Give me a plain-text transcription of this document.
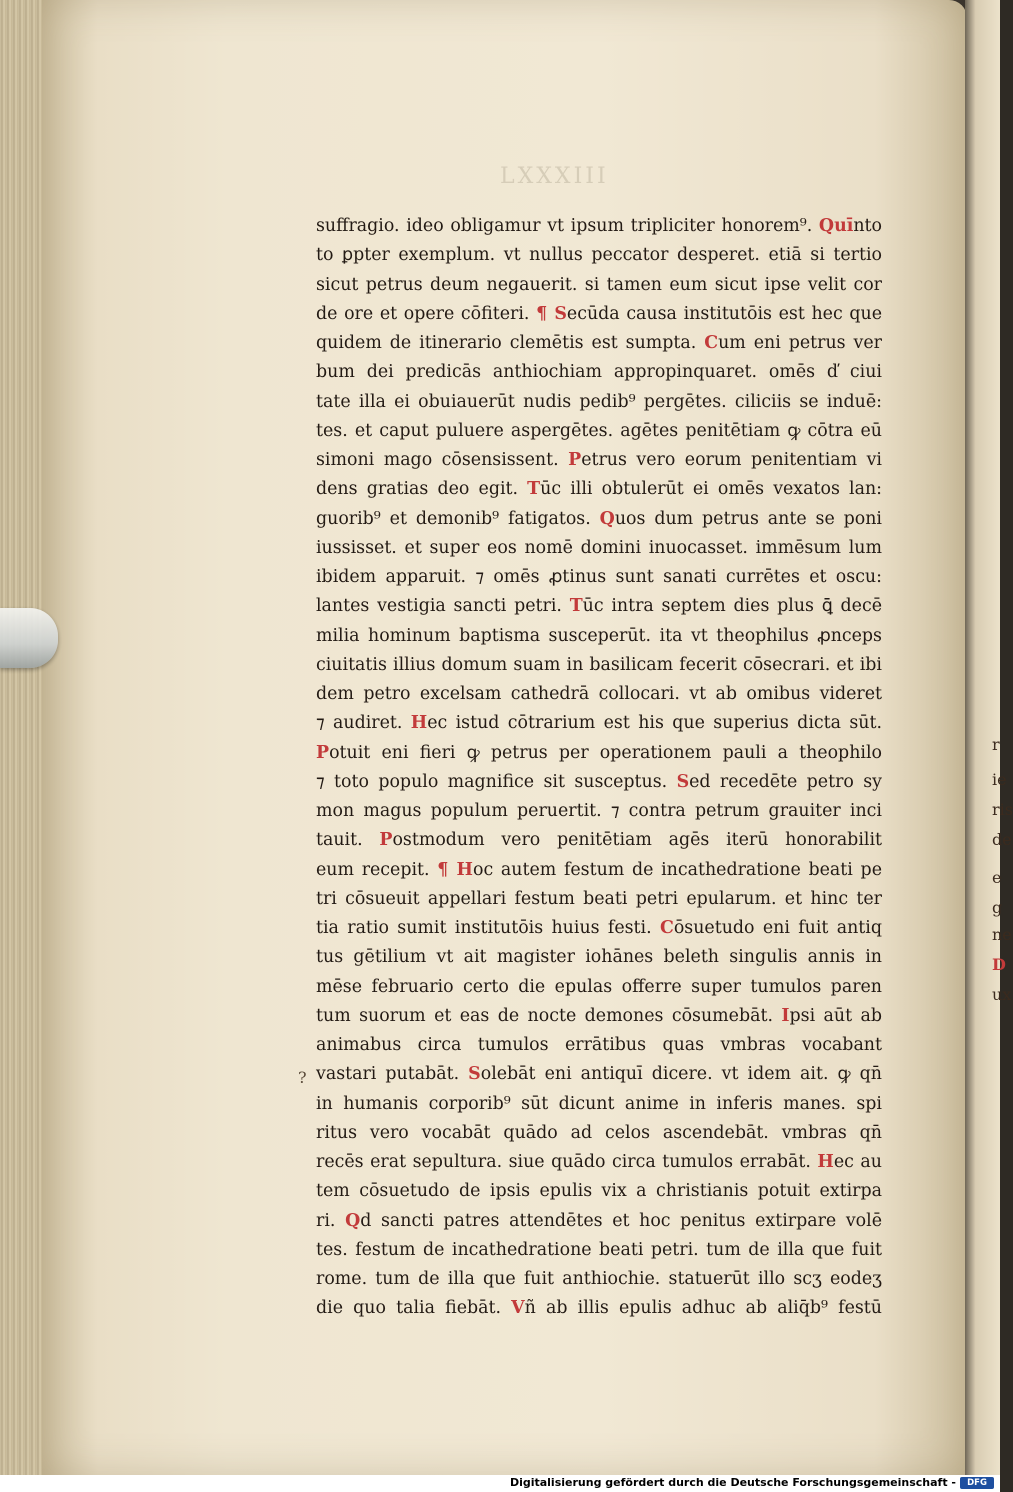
r
ie
ris
de
e
g
ne
D
ux
LXXXIII
suffragio. ideo obligamur vt ipsum tripliciter honorem⁹. Quīnto
to ꝑpter exemplum. vt nullus peccator desperet. etiā si tertio
sicut petrus deum negauerit. si tamen eum sicut ipse velit cor
de ore et opere cōfiteri. ¶ Secūda causa institutōis est hec que
quidem de itinerario clemētis est sumpta. Cum eni petrus ver
bum dei predicās anthiochiam appropinquaret. omēs ď ciui
tate illa ei obuiauerūt nudis pedib⁹ pergētes. ciliciis se induē:
tes. et caput puluere aspergētes. agētes penitētiam ꝙ cōtra eū
simoni mago cōsensissent. Petrus vero eorum penitentiam vi
dens gratias deo egit. Tūc illi obtulerūt ei omēs vexatos lan:
guorib⁹ et demonib⁹ fatigatos. Quos dum petrus ante se poni
iussisset. et super eos nomē domini inuocasset. immēsum lum
ibidem apparuit. ⁊ omēs ꝓtinus sunt sanati currētes et oscu:
lantes vestigia sancti petri. Tūc intra septem dies plus ꝗ̄ decē
milia hominum baptisma susceperūt. ita vt theophilus ꝓnceps
ciuitatis illius domum suam in basilicam fecerit cōsecrari. et ibi
dem petro excelsam cathedrā collocari. vt ab omibus videret
⁊ audiret. Hec istud cōtrarium est his que superius dicta sūt.
Potuit eni fieri ꝙ petrus per operationem pauli a theophilo
⁊ toto populo magnifice sit susceptus. Sed recedēte petro sy
mon magus populum peruertit. ⁊ contra petrum grauiter inci
tauit. Postmodum vero penitētiam agēs iterū honorabilit
eum recepit. ¶ Hoc autem festum de incathedratione beati pe
tri cōsueuit appellari festum beati petri epularum. et hinc ter
tia ratio sumit institutōis huius festi. Cōsuetudo eni fuit antiq
tus gētilium vt ait magister iohānes beleth singulis annis in
mēse februario certo die epulas offerre super tumulos paren
tum suorum et eas de nocte demones cōsumebāt. Ipsi aūt ab
animabus circa tumulos errātibus quas vmbras vocabant
vastari putabāt. Solebāt eni antiquī dicere. vt idem ait. ꝙ qn̄
in humanis corporib⁹ sūt dicunt anime in inferis manes. spi
ritus vero vocabāt quādo ad celos ascendebāt. vmbras qn̄
recēs erat sepultura. siue quādo circa tumulos errabāt. Hec au
tem cōsuetudo de ipsis epulis vix a christianis potuit extirpa
ri. Qd sancti patres attendētes et hoc penitus extirpare volē
tes. festum de incathedratione beati petri. tum de illa que fuit
rome. tum de illa que fuit anthiochie. statuerūt illo scʒ eodeʒ
die quo talia fiebāt. Vñ ab illis epulis adhuc ab aliq̄b⁹ festū
?
Digitalisierung gefördert durch die Deutsche Forschungsgemeinschaft -	DFG
